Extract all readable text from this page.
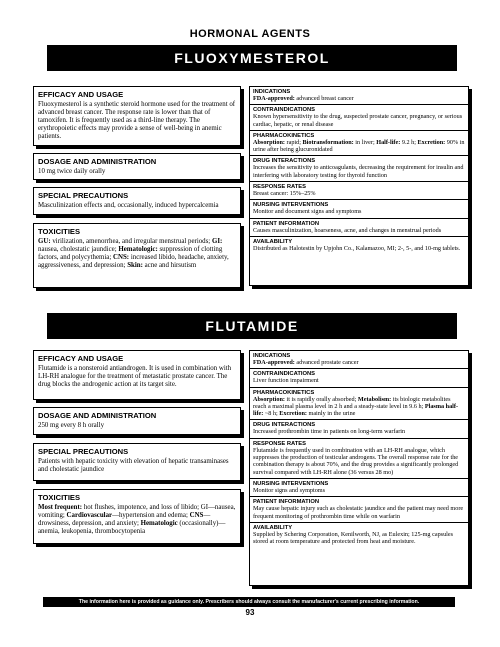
HORMONAL AGENTS
FLUOXYMESTEROL
EFFICACY AND USAGE
Fluoxymesterol is a synthetic steroid hormone used for the treatment of advanced breast cancer. The response rate is lower than that of tamoxifen. It is frequently used as a third-line therapy. The erythropoietic effects may provide a sense of well-being in anemic patients.
DOSAGE AND ADMINISTRATION
10 mg twice daily orally
SPECIAL PRECAUTIONS
Masculinization effects and, occasionally, induced hypercalcemia
TOXICITIES
GU: virilization, amenorrhea, and irregular menstrual periods; GI: nausea, cholestatic jaundice; Hematologic: suppression of clotting factors, and polycythemia; CNS: increased libido, headache, anxiety, aggressiveness, and depression; Skin: acne and hirsutism
INDICATIONS
FDA-approved: advanced breast cancer
CONTRAINDICATIONS
Known hypersensitivity to the drug, suspected prostate cancer, pregnancy, or serious cardiac, hepatic, or renal disease
PHARMACOKINETICS
Absorption: rapid; Biotransformation: in liver; Half-life: 9.2 h; Excretion: 90% in urine after being glucuronidated
DRUG INTERACTIONS
Increases the sensitivity to anticoagulants, decreasing the requirement for insulin and interfering with laboratory testing for thyroid function
RESPONSE RATES
Breast cancer: 15%–25%
NURSING INTERVENTIONS
Monitor and document signs and symptoms
PATIENT INFORMATION
Causes masculinization, hoarseness, acne, and changes in menstrual periods
AVAILABILITY
Distributed as Halotestin by Upjohn Co., Kalamazoo, MI; 2-, 5-, and 10-mg tablets.
FLUTAMIDE
EFFICACY AND USAGE
Flutamide is a nonsteroid antiandrogen. It is used in combination with LH-RH analogue for the treatment of metastatic prostate cancer. The drug blocks the androgenic action at its target site.
DOSAGE AND ADMINISTRATION
250 mg every 8 h orally
SPECIAL PRECAUTIONS
Patients with hepatic toxicity with elevation of hepatic transaminases and cholestatic jaundice
TOXICITIES
Most frequent: hot flushes, impotence, and loss of libido; GI—nausea, vomiting; Cardiovascular—hypertension and edema; CNS—drowsiness, depression, and anxiety; Hematologic (occasionally)—anemia, leukopenia, thrombocytopenia
INDICATIONS
FDA-approved: advanced prostate cancer
CONTRAINDICATIONS
Liver function impairment
PHARMACOKINETICS
Absorption: it is rapidly orally absorbed; Metabolism: its biologic metabolites reach a maximal plasma level in 2 h and a steady-state level in 9.6 h; Plasma half-life: ~8 h; Excretion: mainly in the urine
DRUG INTERACTIONS
Increased prothrombin time in patients on long-term warfarin
RESPONSE RATES
Flutamide is frequently used in combination with an LH-RH analogue, which suppresses the production of testicular androgens. The overall response rate for the combination therapy is about 70%, and the drug provides a significantly prolonged survival compared with LH-RH alone (36 versus 28 mo)
NURSING INTERVENTIONS
Monitor signs and symptoms
PATIENT INFORMATION
May cause hepatic injury such as cholestatic jaundice and the patient may need more frequent monitoring of prothrombin time while on warfarin
AVAILABILITY
Supplied by Schering Corporation, Kenilworth, NJ, as Eulexin; 125-mg capsules stored at room temperature and protected from heat and moisture.
The information here is provided as guidance only. Prescribers should always consult the manufacturer's current prescribing information.
93
